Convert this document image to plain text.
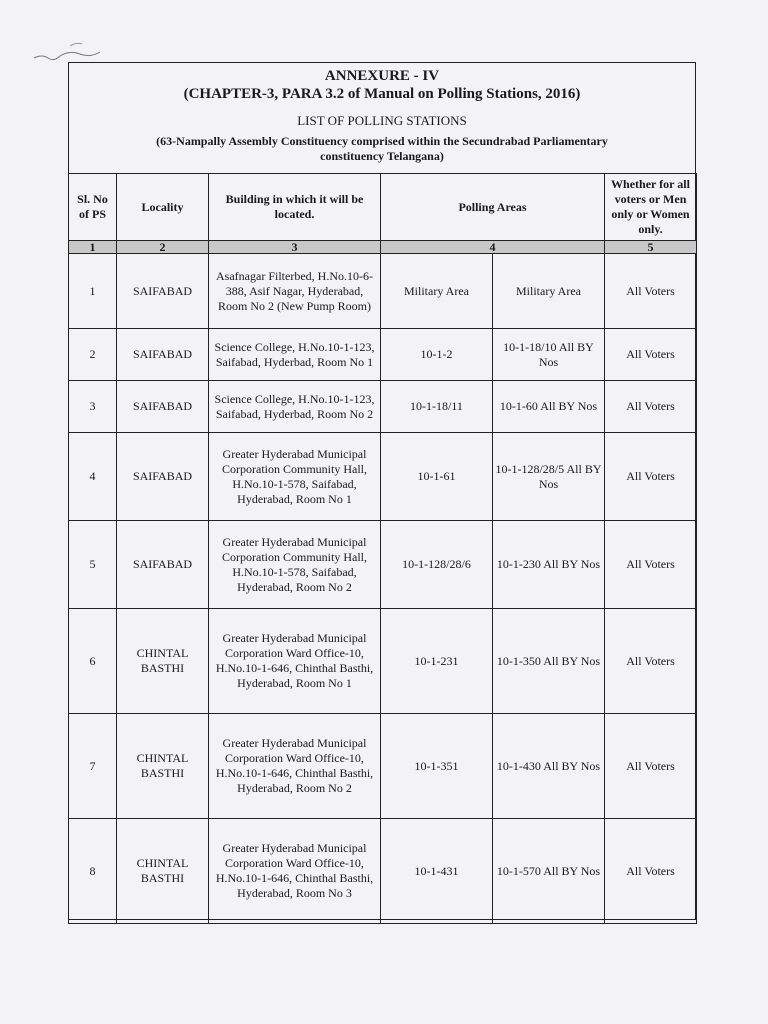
ANNEXURE - IV
(CHAPTER-3, PARA 3.2 of Manual on Polling Stations, 2016)
LIST OF POLLING STATIONS
(63-Nampally Assembly Constituency comprised within the Secundrabad Parliamentary
constituency Telangana)
Sl. No of PS	Locality	Building in which it will be located.	Polling Areas		Whether for all voters or Men only or Women only.
1	2	3	4		5
1	SAIFABAD	Asafnagar Filterbed, H.No.10-6-388, Asif Nagar, Hyderabad, Room No 2 (New Pump Room)	Military Area	Military Area	All Voters
2	SAIFABAD	Science College, H.No.10-1-123, Saifabad, Hyderbad, Room No 1	10-1-2	10-1-18/10 All BY Nos	All Voters
3	SAIFABAD	Science College, H.No.10-1-123, Saifabad, Hyderbad, Room No 2	10-1-18/11	10-1-60 All BY Nos	All Voters
4	SAIFABAD	Greater Hyderabad Municipal Corporation Community Hall, H.No.10-1-578, Saifabad, Hyderabad, Room No 1	10-1-61	10-1-128/28/5 All BY Nos	All Voters
5	SAIFABAD	Greater Hyderabad Municipal Corporation Community Hall, H.No.10-1-578, Saifabad, Hyderabad, Room No 2	10-1-128/28/6	10-1-230 All BY Nos	All Voters
6	CHINTAL BASTHI	Greater Hyderabad Municipal Corporation Ward Office-10, H.No.10-1-646, Chinthal Basthi, Hyderabad, Room No 1	10-1-231	10-1-350 All BY Nos	All Voters
7	CHINTAL BASTHI	Greater Hyderabad Municipal Corporation Ward Office-10, H.No.10-1-646, Chinthal Basthi, Hyderabad, Room No 2	10-1-351	10-1-430 All BY Nos	All Voters
8	CHINTAL BASTHI	Greater Hyderabad Municipal Corporation Ward Office-10, H.No.10-1-646, Chinthal Basthi, Hyderabad, Room No 3	10-1-431	10-1-570 All BY Nos	All Voters
